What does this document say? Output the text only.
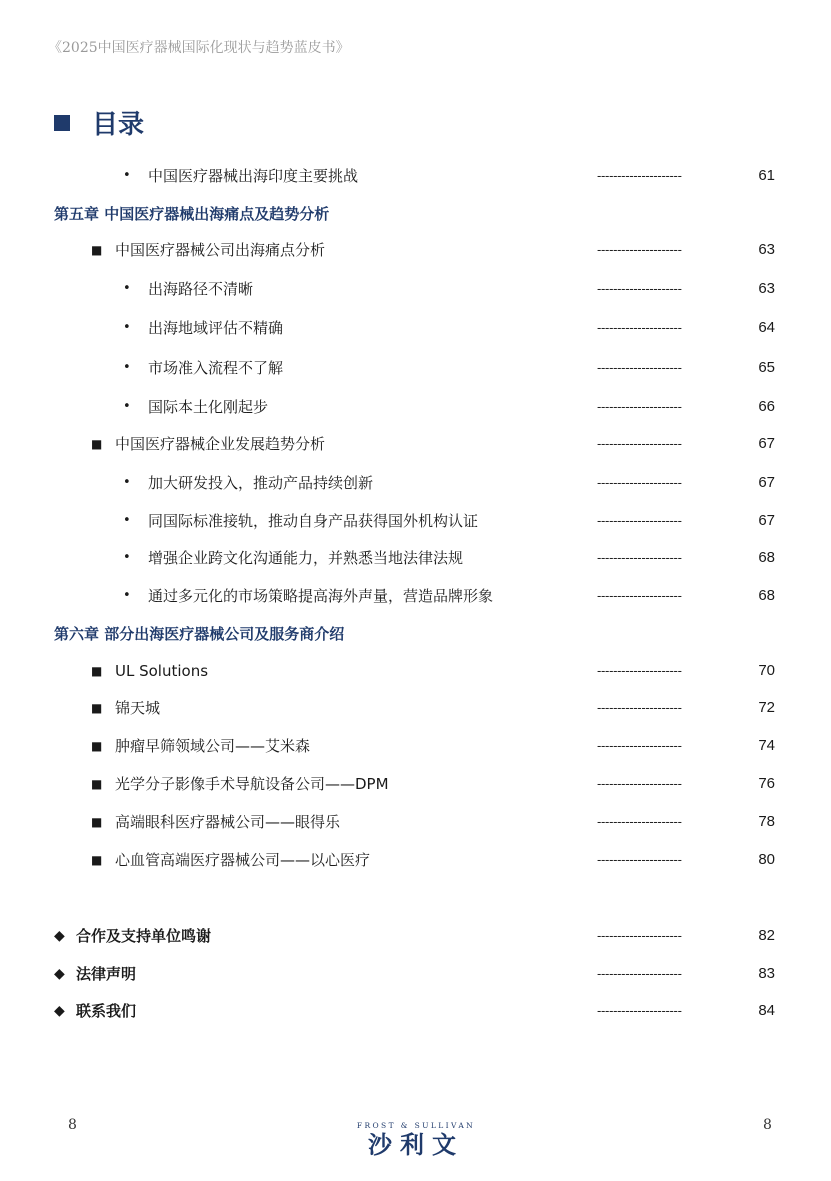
《2025中国医疗器械国际化现状与趋势蓝皮书》
目录
• 中国医疗器械出海印度主要挑战	---------------------	61
第五章 中国医疗器械出海痛点及趋势分析
■ 中国医疗器械公司出海痛点分析	---------------------	63
• 出海路径不清晰	---------------------	63
• 出海地域评估不精确	---------------------	64
• 市场准入流程不了解	---------------------	65
• 国际本土化刚起步	---------------------	66
■ 中国医疗器械企业发展趋势分析	---------------------	67
• 加大研发投入，推动产品持续创新	---------------------	67
• 同国际标准接轨，推动自身产品获得国外机构认证	---------------------	67
• 增强企业跨文化沟通能力，并熟悉当地法律法规	---------------------	68
• 通过多元化的市场策略提高海外声量，营造品牌形象	---------------------	68
第六章 部分出海医疗器械公司及服务商介绍
■ UL Solutions	---------------------	70
■ 锦天城	---------------------	72
■ 肿瘤早筛领域公司——艾米森	---------------------	74
■ 光学分子影像手术导航设备公司——DPM	---------------------	76
■ 高端眼科医疗器械公司——眼得乐	---------------------	78
■ 心血管高端医疗器械公司——以心医疗	---------------------	80
◆ 合作及支持单位鸣谢	---------------------	82
◆ 法律声明	---------------------	83
◆ 联系我们	---------------------	84
8	8
FROST & SULLIVAN
沙利文
